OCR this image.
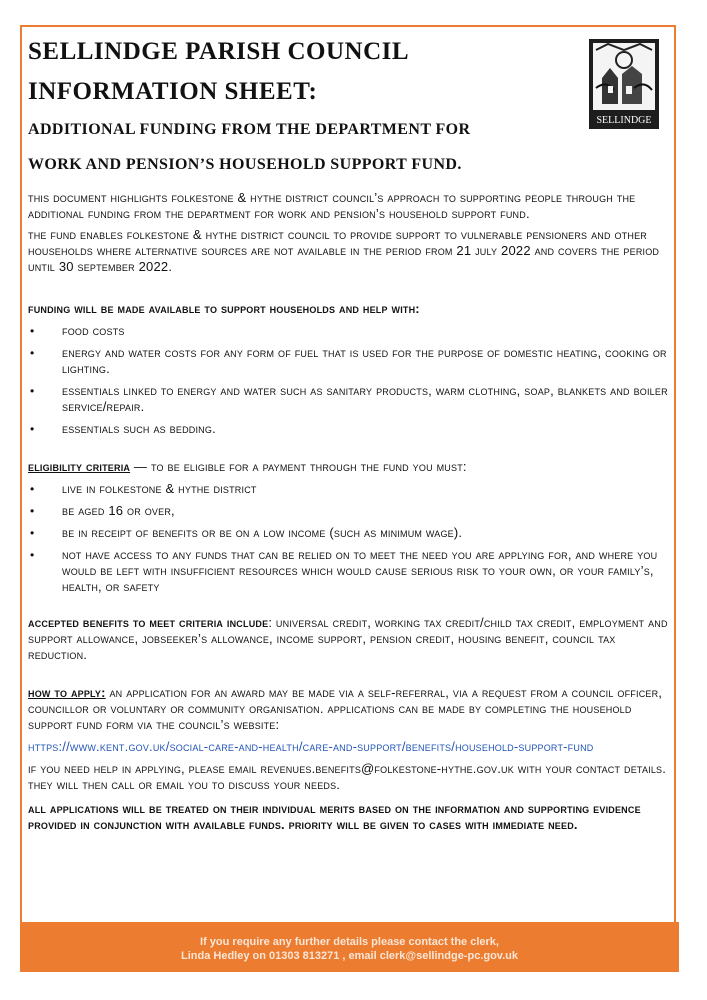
SELLINDGE

SELLINDGE PARISH COUNCIL

INFORMATION SHEET:

ADDITIONAL FUNDING FROM THE DEPARTMENT FOR

WORK AND PENSION’S HOUSEHOLD SUPPORT FUND.

this document highlights folkestone & hythe district council’s approach to supporting people through the additional funding from the department for work and pension’s household support fund.

the fund enables folkestone & hythe district council to provide support to vulnerable pensioners and other households where alternative sources are not available in the period from 21 july 2022 and covers the period until 30 september 2022.

funding will be made available to support households and help with:

• food costs
• energy and water costs for any form of fuel that is used for the purpose of domestic heating, cooking or lighting.
• essentials linked to energy and water such as sanitary products, warm clothing, soap, blankets and boiler service/repair.
• essentials such as bedding.

eligibility criteria — to be eligible for a payment through the fund you must:

• live in folkestone & hythe district
• be aged 16 or over,
• be in receipt of benefits or be on a low income (such as minimum wage).
• not have access to any funds that can be relied on to meet the need you are applying for, and where you would be left with insufficient resources which would cause serious risk to your own, or your family’s, health, or safety

accepted benefits to meet criteria include: universal credit, working tax credit/child tax credit, employment and support allowance, jobseeker’s allowance, income support, pension credit, housing benefit, council tax reduction.

how to apply: an application for an award may be made via a self-referral, via a request from a council officer, councillor or voluntary or community organisation. applications can be made by completing the household support fund form via the council’s website:

https://www.kent.gov.uk/social-care-and-health/care-and-support/benefits/household-support-fund

if you need help in applying, please email revenues.benefits@folkestone-hythe.gov.uk with your contact details. they will then call or email you to discuss your needs.

all applications will be treated on their individual merits based on the information and supporting evidence provided in conjunction with available funds. priority will be given to cases with immediate need.

If you require any further details please contact the clerk,
Linda Hedley on 01303 813271 , email clerk@sellindge-pc.gov.uk
